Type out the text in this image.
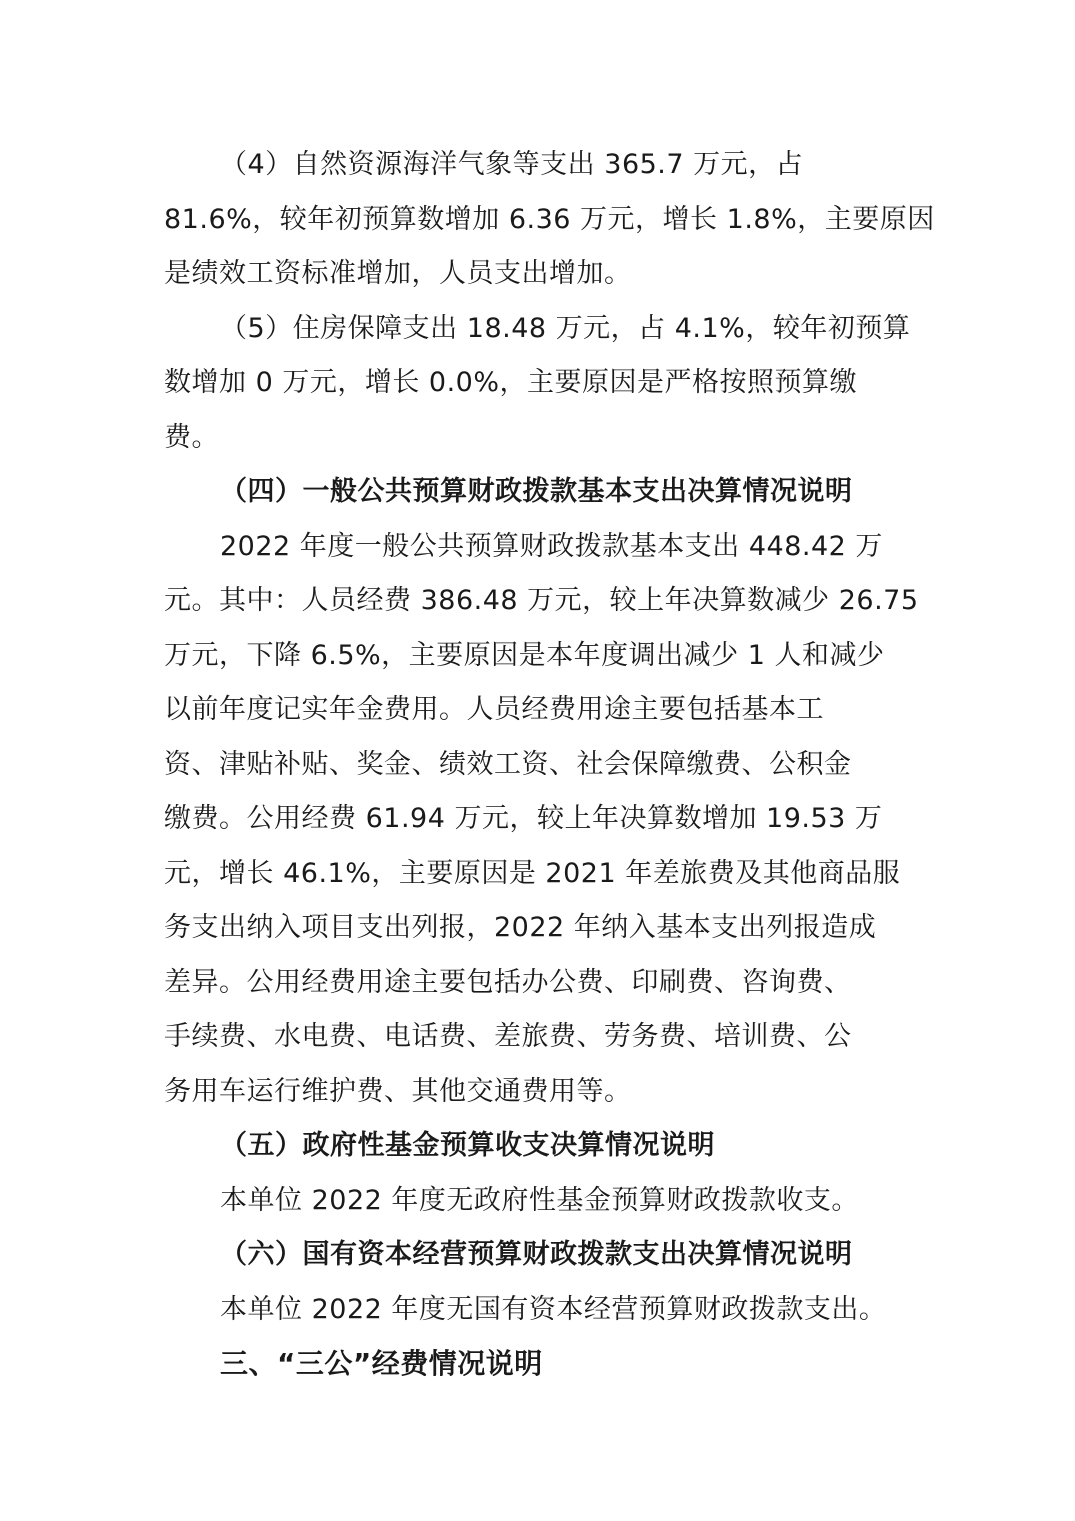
（4）自然资源海洋气象等支出 365.7 万元，占
81.6%，较年初预算数增加 6.36 万元，增长 1.8%，主要原因
是绩效工资标准增加，人员支出增加。
（5）住房保障支出 18.48 万元，占 4.1%，较年初预算
数增加 0 万元，增长 0.0%，主要原因是严格按照预算缴
费。
（四）一般公共预算财政拨款基本支出决算情况说明
2022 年度一般公共预算财政拨款基本支出 448.42 万
元。其中：人员经费 386.48 万元，较上年决算数减少 26.75
万元，下降 6.5%，主要原因是本年度调出减少 1 人和减少
以前年度记实年金费用。人员经费用途主要包括基本工
资、津贴补贴、奖金、绩效工资、社会保障缴费、公积金
缴费。公用经费 61.94 万元，较上年决算数增加 19.53 万
元，增长 46.1%，主要原因是 2021 年差旅费及其他商品服
务支出纳入项目支出列报，2022 年纳入基本支出列报造成
差异。公用经费用途主要包括办公费、印刷费、咨询费、
手续费、水电费、电话费、差旅费、劳务费、培训费、公
务用车运行维护费、其他交通费用等。
（五）政府性基金预算收支决算情况说明
本单位 2022 年度无政府性基金预算财政拨款收支。
（六）国有资本经营预算财政拨款支出决算情况说明
本单位 2022 年度无国有资本经营预算财政拨款支出。
三、“三公”经费情况说明
